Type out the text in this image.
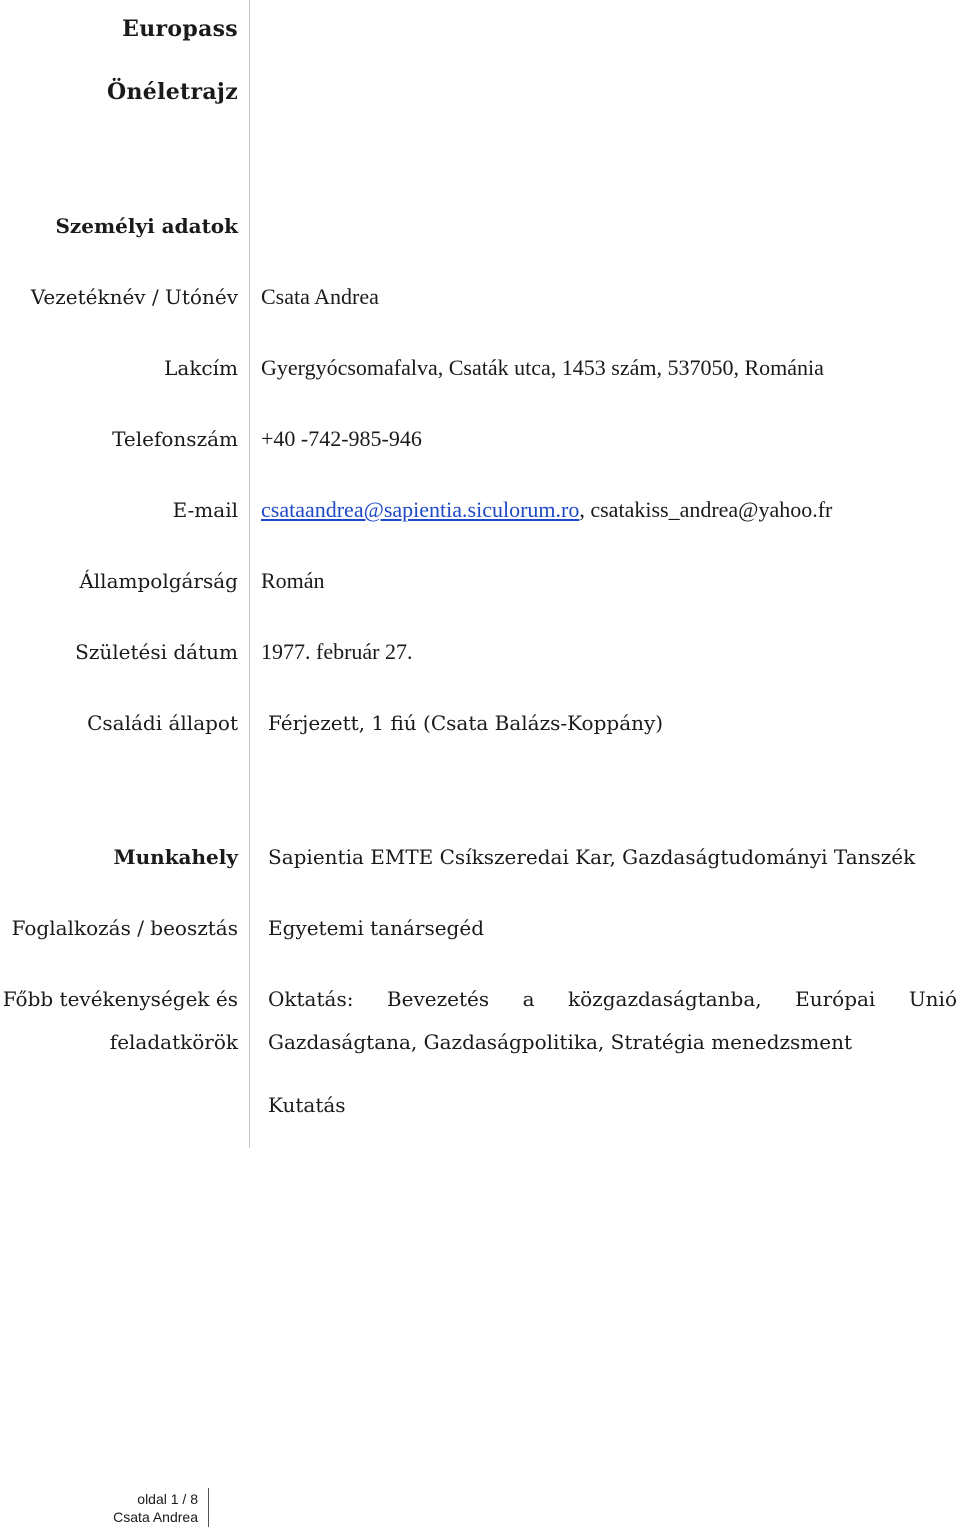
Europass
Önéletrajz
Személyi adatok
Vezetéknév / Utónév Csata Andrea
Lakcím Gyergyócsomafalva, Csaták utca, 1453 szám, 537050, Románia
Telefonszám +40 -742-985-946
E-mail csataandrea@sapientia.siculorum.ro, csatakiss_andrea@yahoo.fr
Állampolgárság Román
Születési dátum 1977. február 27.
Családi állapot Férjezett, 1 fiú (Csata Balázs-Koppány)
Munkahely Sapientia EMTE Csíkszeredai Kar, Gazdaságtudományi Tanszék
Foglalkozás / beosztás Egyetemi tanársegéd
Főbb tevékenységek és
feladatkörök
Oktatás: Bevezetés a közgazdaságtanba, Európai Unió
Gazdaságtana, Gazdaságpolitika, Stratégia menedzsment
Kutatás
oldal 1 / 8
Csata Andrea
